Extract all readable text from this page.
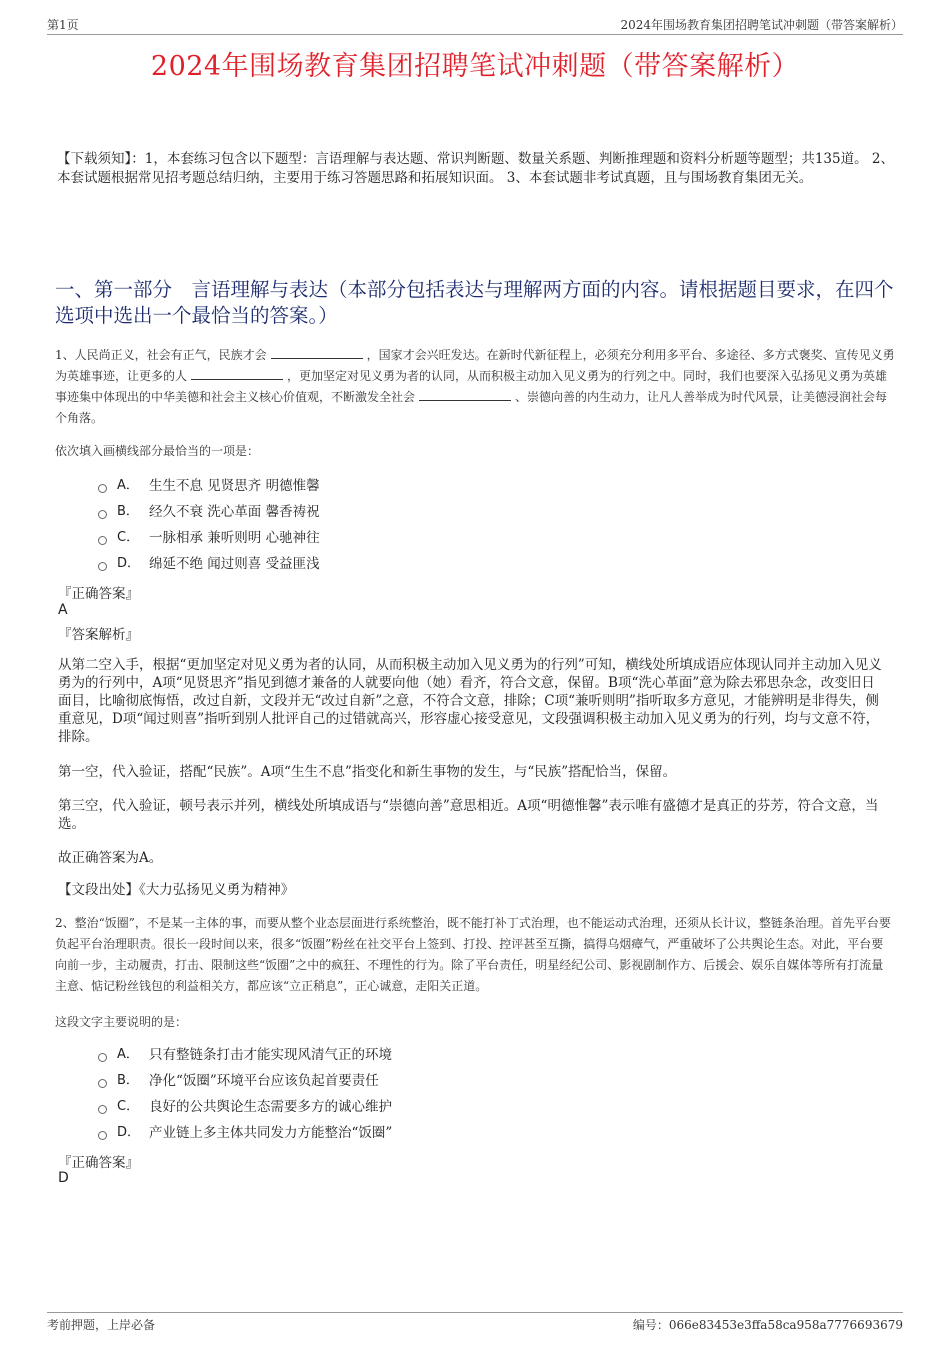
第1页	2024年围场教育集团招聘笔试冲刺题（带答案解析）
2024年围场教育集团招聘笔试冲刺题（带答案解析）
【下载须知】：1，本套练习包含以下题型：言语理解与表达题、常识判断题、数量关系题、判断推理题和资料分析题等题型；共135道。 2、本套试题根据常见招考题总结归纳，主要用于练习答题思路和拓展知识面。 3、本套试题非考试真题，且与围场教育集团无关。
一、第一部分　言语理解与表达（本部分包括表达与理解两方面的内容。请根据题目要求，在四个选项中选出一个最恰当的答案。）
1、人民尚正义，社会有正气，民族才会	，国家才会兴旺发达。在新时代新征程上，必须充分利用多平台、多途径、多方式褒奖、宣传见义勇为英雄事迹，让更多的人	，更加坚定对见义勇为者的认同，从而积极主动加入见义勇为的行列之中。同时，我们也要深入弘扬见义勇为英雄事迹集中体现出的中华美德和社会主义核心价值观，不断激发全社会	、崇德向善的内生动力，让凡人善举成为时代风景，让美德浸润社会每个角落。
依次填入画横线部分最恰当的一项是：
A． 生生不息 见贤思齐 明德惟馨
B． 经久不衰 洗心革面 馨香祷祝
C． 一脉相承 兼听则明 心驰神往
D． 绵延不绝 闻过则喜 受益匪浅
『正确答案』
A
『答案解析』
从第二空入手，根据“更加坚定对见义勇为者的认同，从而积极主动加入见义勇为的行列”可知，横线处所填成语应体现认同并主动加入见义勇为的行列中，A项“见贤思齐”指见到德才兼备的人就要向他（她）看齐，符合文意，保留。B项“洗心革面”意为除去邪思杂念，改变旧日面目，比喻彻底悔悟，改过自新，文段并无“改过自新”之意，不符合文意，排除；C项“兼听则明”指听取多方意见，才能辨明是非得失，侧重意见，D项“闻过则喜”指听到别人批评自己的过错就高兴，形容虚心接受意见，文段强调积极主动加入见义勇为的行列，均与文意不符，排除。
第一空，代入验证，搭配“民族”。A项“生生不息”指变化和新生事物的发生，与“民族”搭配恰当，保留。
第三空，代入验证，顿号表示并列，横线处所填成语与“崇德向善”意思相近。A项“明德惟馨”表示唯有盛德才是真正的芬芳，符合文意，当选。
故正确答案为A。
【文段出处】《大力弘扬见义勇为精神》
2、整治“饭圈”，不是某一主体的事，而要从整个业态层面进行系统整治，既不能打补丁式治理，也不能运动式治理，还须从长计议，整链条治理。首先平台要负起平台治理职责。很长一段时间以来，很多“饭圈”粉丝在社交平台上签到、打投、控评甚至互撕，搞得乌烟瘴气，严重破坏了公共舆论生态。对此，平台要向前一步，主动履责，打击、限制这些“饭圈”之中的疯狂、不理性的行为。除了平台责任，明星经纪公司、影视剧制作方、后援会、娱乐自媒体等所有打流量主意、惦记粉丝钱包的利益相关方，都应该“立正稍息”，正心诚意，走阳关正道。
这段文字主要说明的是：
A． 只有整链条打击才能实现风清气正的环境
B． 净化“饭圈”环境平台应该负起首要责任
C． 良好的公共舆论生态需要多方的诚心维护
D． 产业链上多主体共同发力方能整治“饭圈”
『正确答案』
D
考前押题，上岸必备	编号：066e83453e3ffa58ca958a7776693679
